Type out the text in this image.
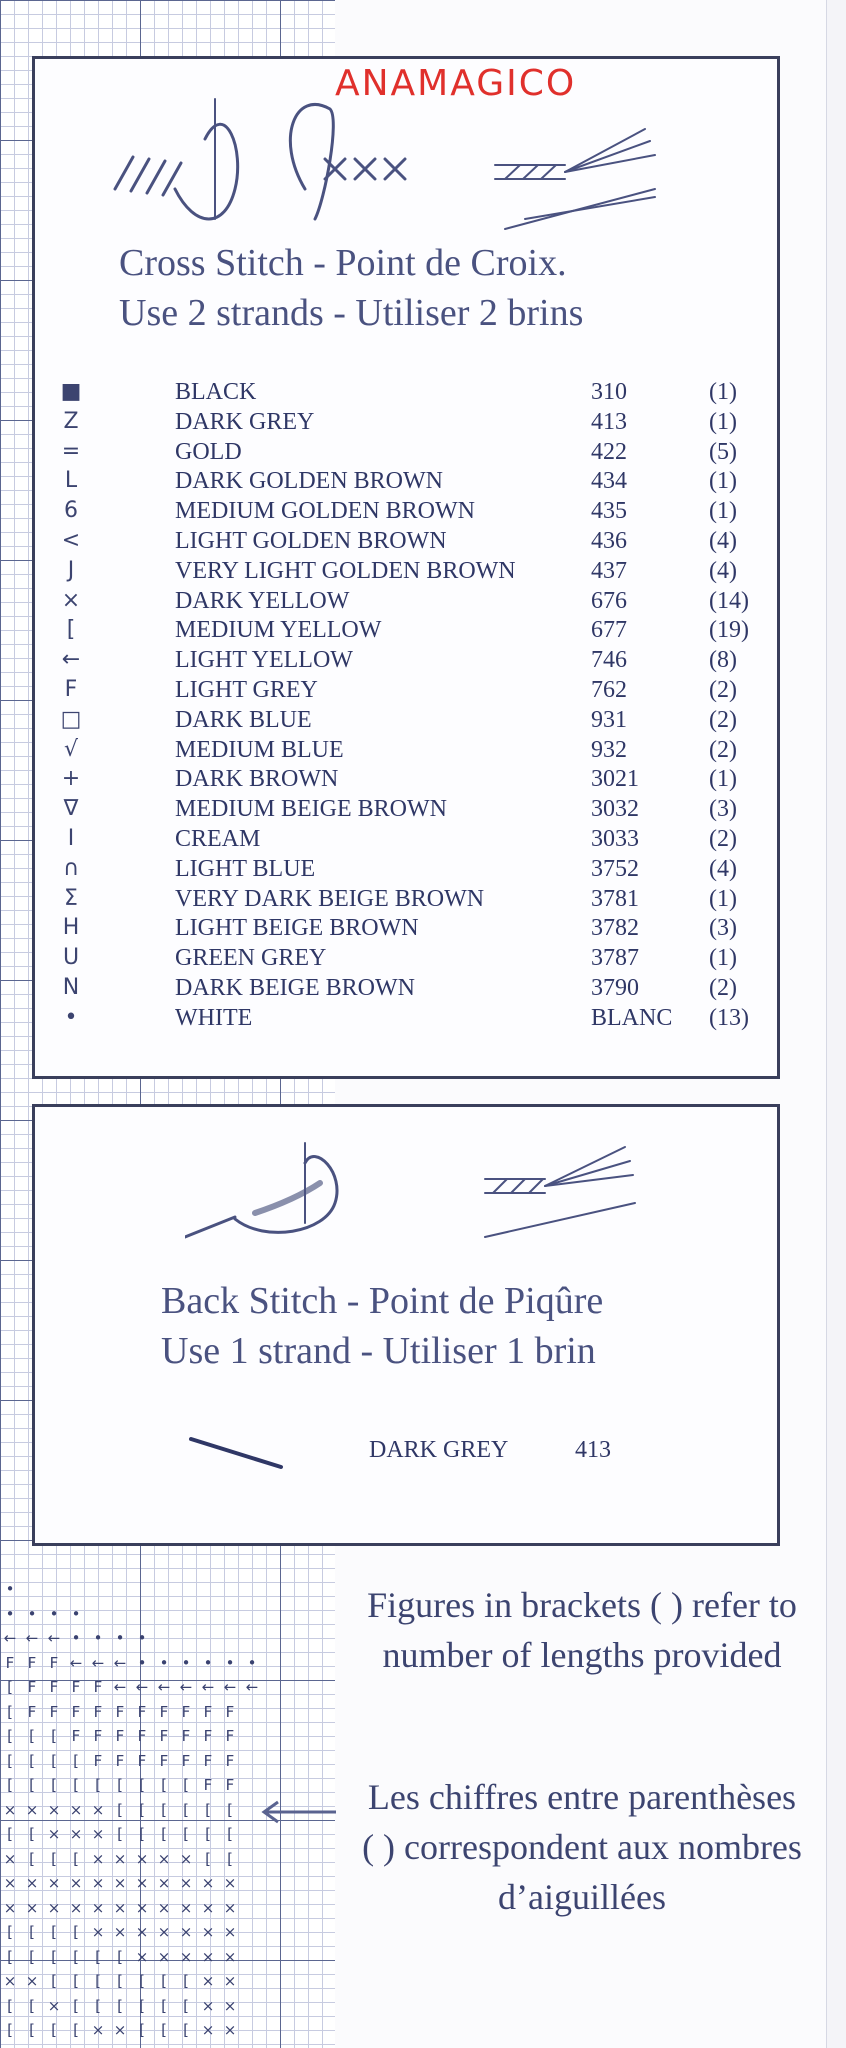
ANAMAGICO
Cross Stitch - Point de Croix.
Use 2 strands - Utiliser 2 brins
■	BLACK	310	(1)
Z	DARK GREY	413	(1)
=	GOLD	422	(5)
L	DARK GOLDEN BROWN	434	(1)
6	MEDIUM GOLDEN BROWN	435	(1)
<	LIGHT GOLDEN BROWN	436	(4)
J	VERY LIGHT GOLDEN BROWN	437	(4)
×	DARK YELLOW	676	(14)
[	MEDIUM YELLOW	677	(19)
←	LIGHT YELLOW	746	(8)
F	LIGHT GREY	762	(2)
□	DARK BLUE	931	(2)
√	MEDIUM BLUE	932	(2)
+	DARK BROWN	3021	(1)
∇	MEDIUM BEIGE BROWN	3032	(3)
I	CREAM	3033	(2)
∩	LIGHT BLUE	3752	(4)
Σ	VERY DARK BEIGE BROWN	3781	(1)
H	LIGHT BEIGE BROWN	3782	(3)
U	GREEN GREY	3787	(1)
N	DARK BEIGE BROWN	3790	(2)
•	WHITE	BLANC (13)
Back Stitch - Point de Piqûre
Use 1 strand - Utiliser 1 brin
DARK GREY	413
•
• • • •
← ← ← • • • •
F F F ← ← ← • • • • • •
[ F F F F ← ← ← ← ← ← ←
[ F F F F F F F F F F
[	[	[ F F F F F F F F
[	[	[	[ F F F F F F F
[	[	[	[	[	[	[	[	[ F F
× × × × × [	[	[	[	[	[
[	[ × × × [	[	[	[	[	[
× [	[	[ × × × × × [	[
× × × × × × × × × × ×
× × × × × × × × × × ×
[	[	[	[ × × × × × × ×
[	[	[	[	[	[ × × × × ×
× × [	[	[	[	[	[	[ × ×
[	[ × [	[	[	[	[	[ × ×
[	[	[	[ × × [	[	[ × ×
Figures in brackets ( ) refer to number of lengths provided
Les chiffres entre parenthèses ( ) correspondent aux nombres d’aiguillées
